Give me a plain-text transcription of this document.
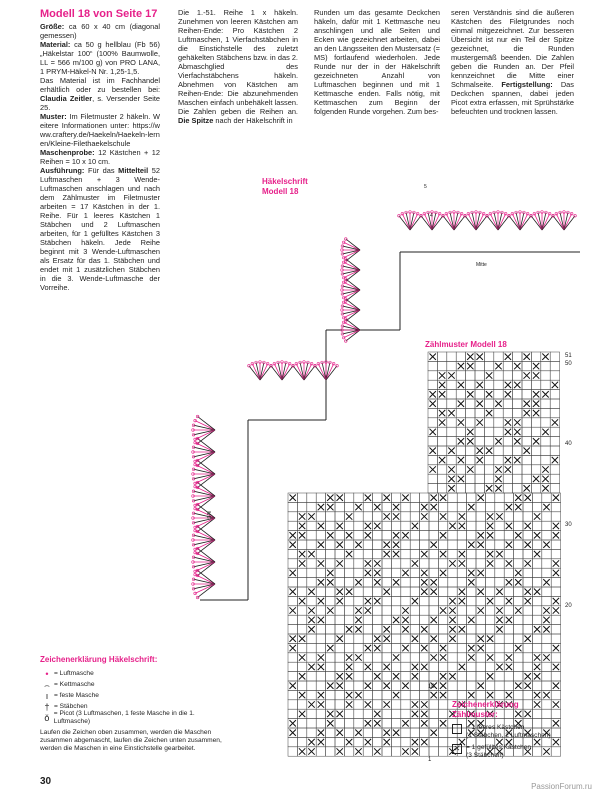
Modell 18 von Seite 17

Größe: ca 60 x 40 cm (diagonal gemessen)

Material: ca 50 g hellblau (Fb 56) „Häkelstar 100“ (100% Baumwolle, LL = 566 m/100 g) von PRO LANA, 1 PRYM-Häkel-N Nr. 1,25-1,5.

Das Material ist im Fachhandel erhältlich oder zu bestellen bei: Claudia Zeitler, s. Versender Seite 25.

Muster: Im Filetmuster 2 häkeln. Weitere Informationen unter: https://www.craftery.de/Haekeln/Haekeln-lernen/Kleine-Filethaekelschule

Maschenprobe: 12 Kästchen + 12 Reihen = 10 x 10 cm.

Ausführung: Für das Mittelteil 52 Luftmaschen + 3 Wende-Luftmaschen anschlagen und nach dem Zählmuster im Filetmuster arbeiten = 17 Kästchen in der 1. Reihe. Für 1 leeres Kästchen 1 Stäbchen und 2 Luftmaschen arbeiten, für 1 gefülltes Kästchen 3 Stäbchen häkeln. Jede Reihe beginnt mit 3 Wende-Luftmaschen als Ersatz für das 1. Stäbchen und endet mit 1 zusätzlichen Stäbchen in die 3. Wende-Luftmasche der Vorreihe.

Die 1.-51. Reihe 1 x häkeln. Zunehmen von leeren Kästchen am Reihen-Ende: Pro Kästchen 2 Luftmaschen, 1 Vierfachstäbchen in die Einstichstelle des zuletzt gehäkelten Stäbchens bzw. in das 2. Abmaschglied des Vierfachstäbchens häkeln. Abnehmen von Kästchen am Reihen-Ende: Die abzunehmenden Maschen einfach unbehäkelt lassen. Die Zahlen geben die Reihen an. Die Spitze nach der Häkelschrift in

Runden um das gesamte Deckchen häkeln, dafür mit 1 Kettmasche neu anschlingen und alle Seiten und Ecken wie gezeichnet arbeiten, dabei an den Längsseiten den Mustersatz (= MS) fortlaufend wiederholen. Jede Runde nur der in der Häkelschrift gezeichneten Anzahl von Luftmaschen beginnen und mit 1 Kettmasche enden. Falls nötig, mit Kettmaschen zum Beginn der folgenden Runde vorgehen. Zum bes-

seren Verständnis sind die äußeren Kästchen des Filetgrundes noch einmal mitgezeichnet. Zur besseren Übersicht ist nur ein Teil der Spitze gezeichnet, die Runden mustergemäß beenden. Die Zahlen geben die Runden an. Der Pfeil kennzeichnet die Mitte einer Schmalseite. Fertigstellung: Das Deckchen spannen, dabei jeden Picot extra erfassen, mit Sprühstärke befeuchten und trocknen lassen.

Häkelschrift
Modell 18
Mitte
MS
5
4
Zählmuster Modell 18
51
50
40
30
20
10
1
Zeichenerklärung Häkelschrift:
• = Luftmasche
⌢ = Kettmasche
ı = feste Masche
† = Stäbchen
ǒ = Picot (3 Luftmaschen, 1 feste Masche in die 1. Luftmasche)

Laufen die Zeichen oben zusammen, werden die Maschen zusammen abgemascht, laufen die Zeichen unten zusammen, werden die Maschen in eine Einstichstelle gearbeitet.

Zeichenerklärung
Zählmuster:
= 1 leeres Kästchen
(1 Stäbchen, 2 Luftmaschen)
✕ = 1 gefülltes Kästchen
(3 Stäbchen)
30	PassionForum.ru
